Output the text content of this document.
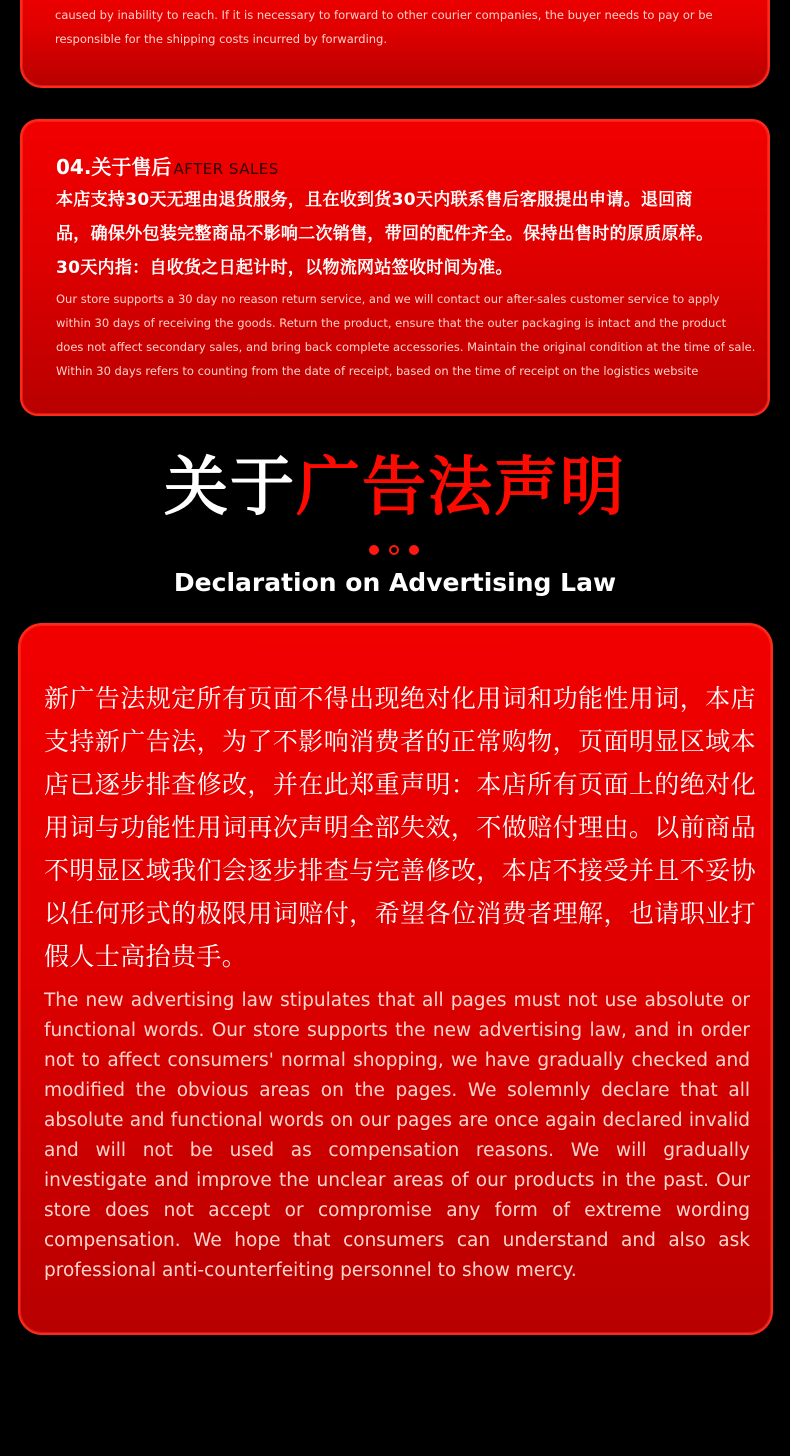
caused by inability to reach. If it is necessary to forward to other courier companies, the buyer needs to pay or be responsible for the shipping costs incurred by forwarding.
04.关于售后 AFTER SALES
本店支持30天无理由退货服务，且在收到货30天内联系售后客服提出申请。退回商品，确保外包装完整商品不影响二次销售，带回的配件齐全。保持出售时的原质原样。30天内指：自收货之日起计时，以物流网站签收时间为准。
Our store supports a 30 day no reason return service, and we will contact our after-sales customer service to apply within 30 days of receiving the goods. Return the product, ensure that the outer packaging is intact and the product does not affect secondary sales, and bring back complete accessories. Maintain the original condition at the time of sale. Within 30 days refers to counting from the date of receipt, based on the time of receipt on the logistics website
关于广告法声明
Declaration on Advertising Law
新广告法规定所有页面不得出现绝对化用词和功能性用词，本店支持新广告法，为了不影响消费者的正常购物，页面明显区域本店已逐步排查修改，并在此郑重声明：本店所有页面上的绝对化用词与功能性用词再次声明全部失效，不做赔付理由。以前商品不明显区域我们会逐步排查与完善修改，本店不接受并且不妥协以任何形式的极限用词赔付，希望各位消费者理解，也请职业打假人士高抬贵手。
The new advertising law stipulates that all pages must not use absolute or functional words. Our store supports the new advertising law, and in order not to affect consumers' normal shopping, we have gradually checked and modified the obvious areas on the pages. We solemnly declare that all absolute and functional words on our pages are once again declared invalid and will not be used as compensation reasons. We will gradually investigate and improve the unclear areas of our products in the past. Our store does not accept or compromise any form of extreme wording compensation. We hope that consumers can understand and also ask professional anti-counterfeiting personnel to show mercy.
